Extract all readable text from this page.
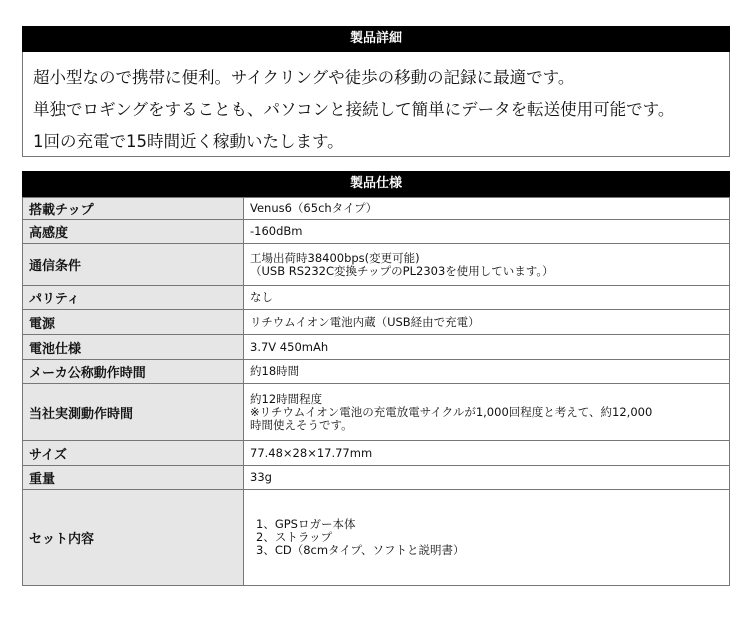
製品詳細

超小型なので携帯に便利。サイクリングや徒歩の移動の記録に最適です。

単独でロギングをすることも、パソコンと接続して簡単にデータを転送使用可能です。

1回の充電で15時間近く稼動いたします。

製品仕様
搭載チップ	Venus6（65chタイプ）

高感度	-160dBm

通信条件	工場出荷時38400bps(変更可能)
（USB RS232C変換チップのPL2303を使用しています。）

パリティ	なし

電源	リチウムイオン電池内蔵（USB経由で充電）

電池仕様	3.7V 450mAh

メーカ公称動作時間	約18時間

当社実測動作時間	約12時間程度
※リチウムイオン電池の充電放電サイクルが1,000回程度と考えて、約12,000
時間使えそうです。

サイズ	77.48×28×17.77mm

重量	33g

セット内容	1、GPSロガー本体
2、ストラップ
3、CD（8cmタイプ、ソフトと説明書）
